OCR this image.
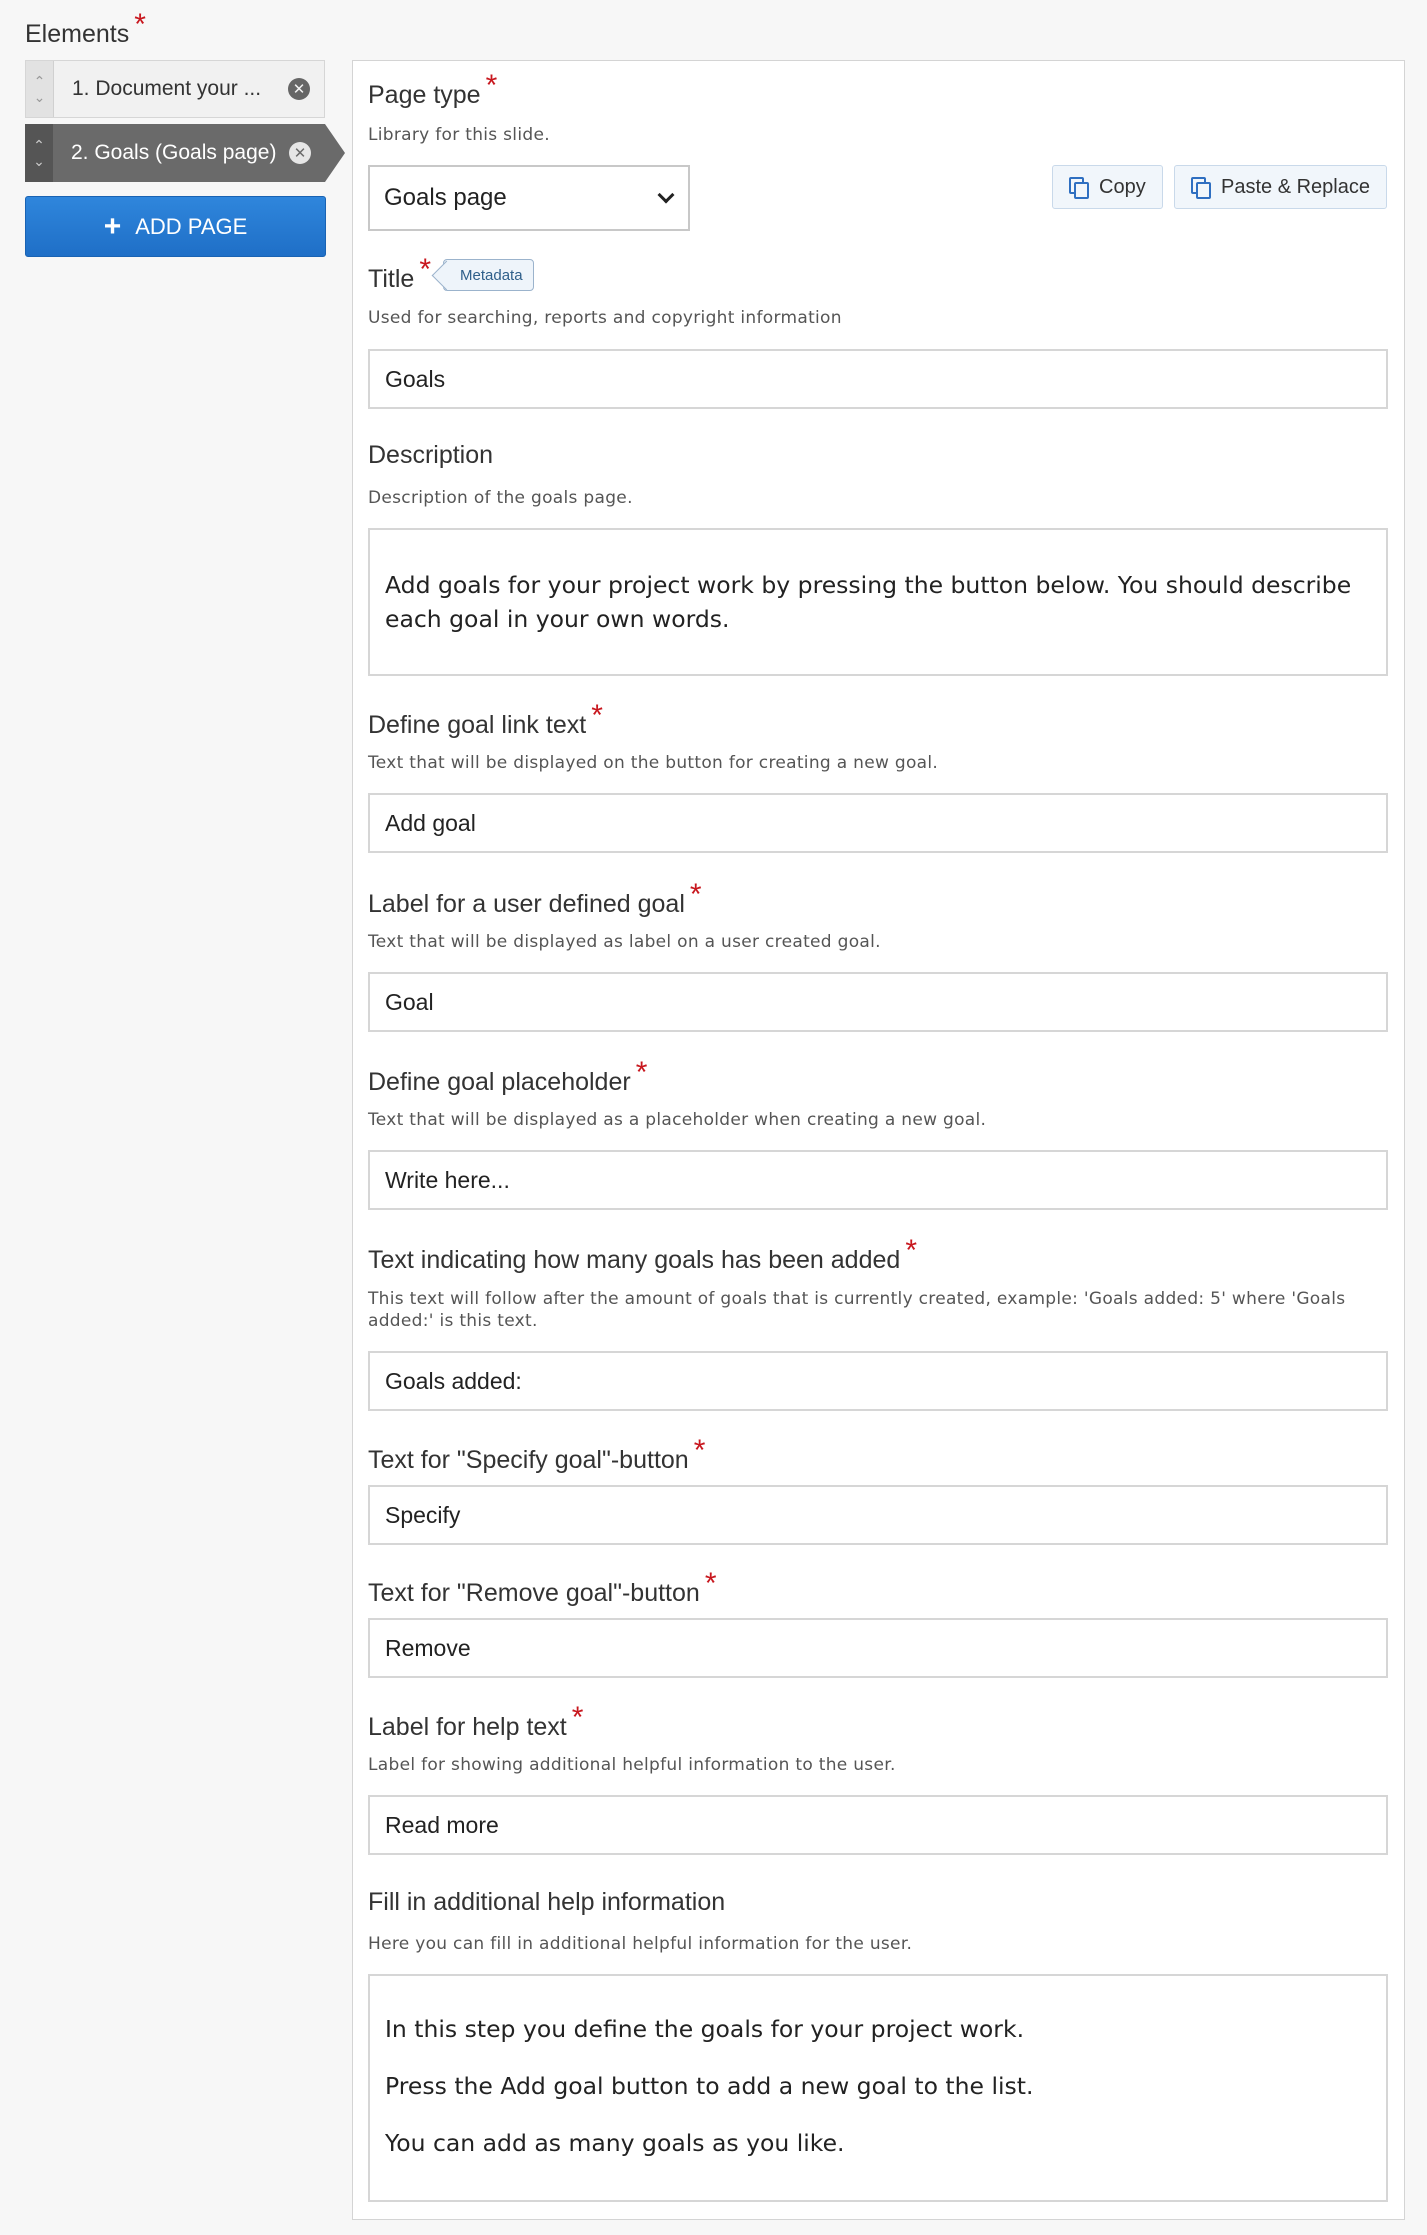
Elements *
⌃
⌄	1. Document your ...	✕
⌃
⌄	2. Goals (Goals page)	✕
+ ADD PAGE
Page type *
Library for this slide.
Goals page	Copy	Paste & Replace
Title * Metadata
Used for searching, reports and copyright information
Goals
Description
Description of the goals page.

Add goals for your project work by pressing the button below. You should describe each goal in your own words.

Define goal link text *
Text that will be displayed on the button for creating a new goal.
Add goal
Label for a user defined goal *
Text that will be displayed as label on a user created goal.
Goal
Define goal placeholder *
Text that will be displayed as a placeholder when creating a new goal.
Write here...
Text indicating how many goals has been added *
This text will follow after the amount of goals that is currently created, example: 'Goals added: 5' where 'Goals added:' is this text.
Goals added:
Text for "Specify goal"-button *
Specify
Text for "Remove goal"-button *
Remove
Label for help text *
Label for showing additional helpful information to the user.
Read more
Fill in additional help information
Here you can fill in additional helpful information for the user.

In this step you define the goals for your project work.

Press the Add goal button to add a new goal to the list.

You can add as many goals as you like.
